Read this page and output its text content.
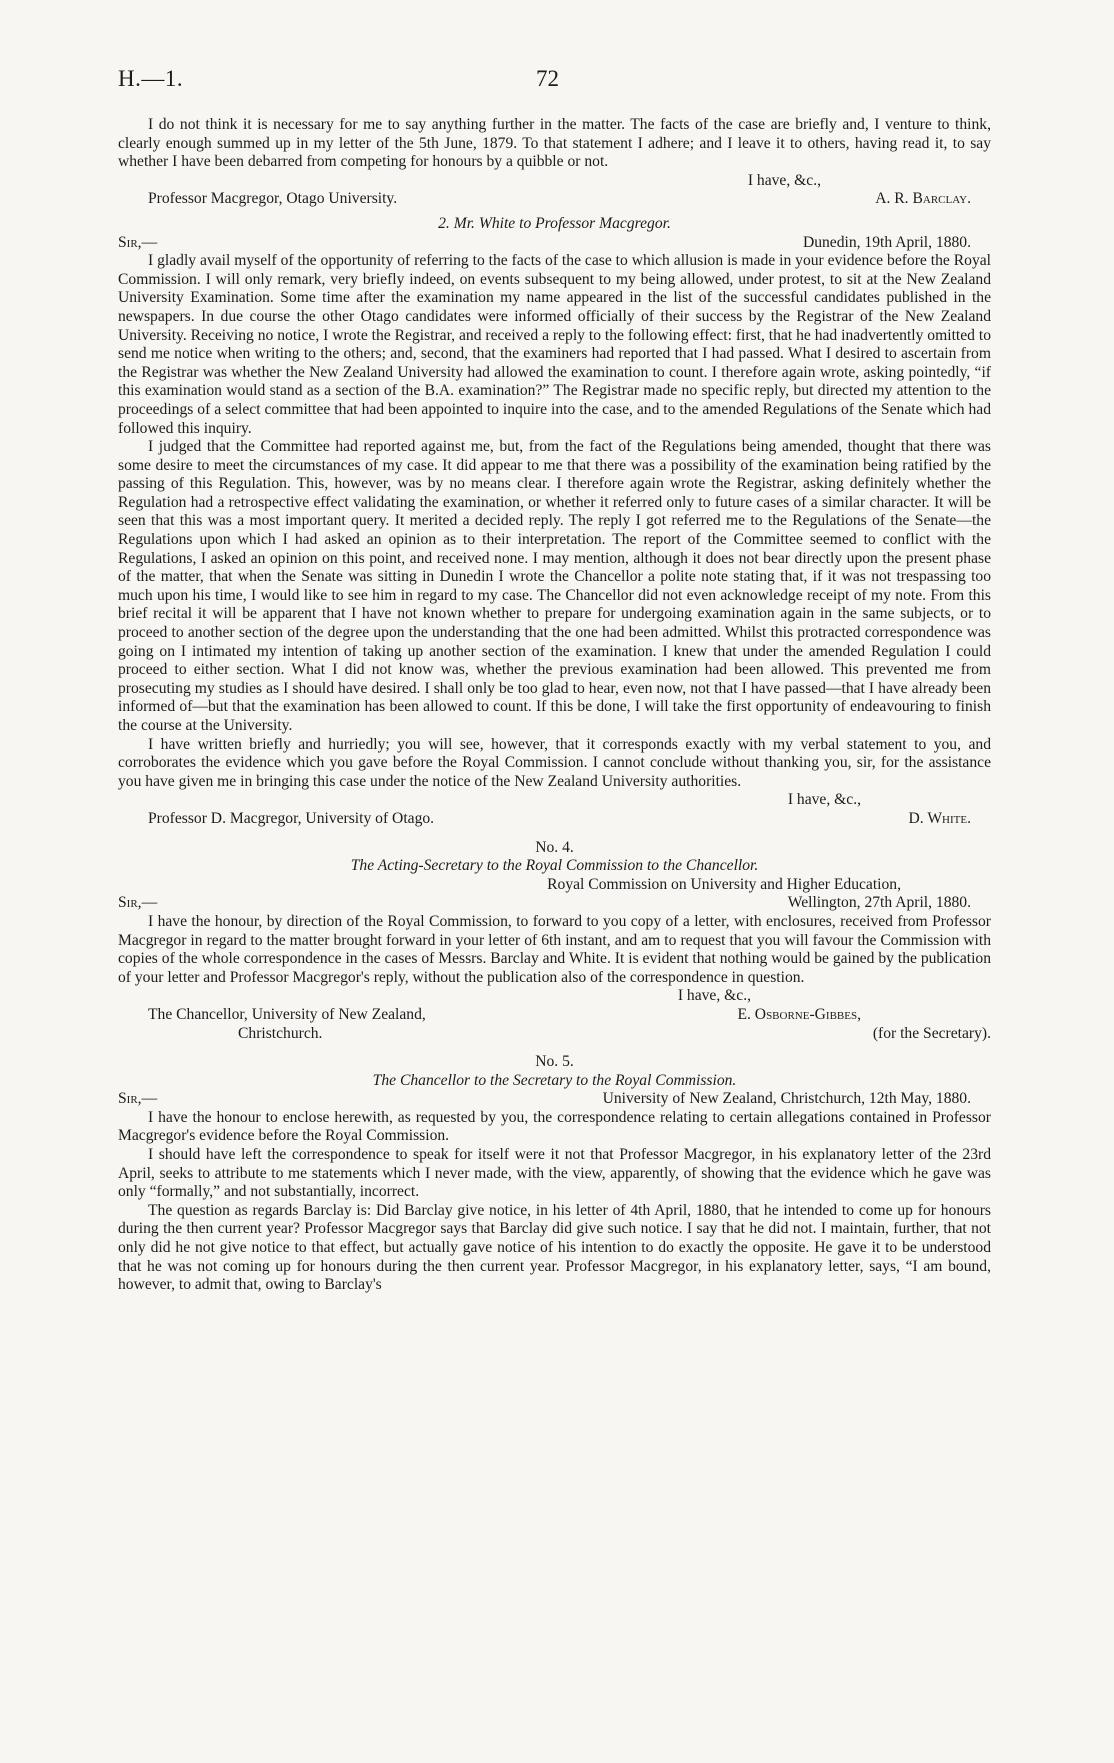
H.—1.	72

I do not think it is necessary for me to say anything further in the matter. The facts of the case are briefly and, I venture to think, clearly enough summed up in my letter of the 5th June, 1879. To that statement I adhere; and I leave it to others, having read it, to say whether I have been debarred from competing for honours by a quibble or not.

I have, &c.,
Professor Macgregor, Otago University.	A. R. Barclay.

2. Mr. White to Professor Macgregor.

Sir,—	Dunedin, 19th April, 1880.

I gladly avail myself of the opportunity of referring to the facts of the case to which allusion is made in your evidence before the Royal Commission. I will only remark, very briefly indeed, on events subsequent to my being allowed, under protest, to sit at the New Zealand University Examination. Some time after the examination my name appeared in the list of the successful candidates published in the newspapers. In due course the other Otago candidates were informed officially of their success by the Registrar of the New Zealand University. Receiving no notice, I wrote the Registrar, and received a reply to the following effect: first, that he had inadvertently omitted to send me notice when writing to the others; and, second, that the examiners had reported that I had passed. What I desired to ascertain from the Registrar was whether the New Zealand University had allowed the examination to count. I therefore again wrote, asking pointedly, “if this examination would stand as a section of the B.A. examination?” The Registrar made no specific reply, but directed my attention to the proceedings of a select committee that had been appointed to inquire into the case, and to the amended Regulations of the Senate which had followed this inquiry.

I judged that the Committee had reported against me, but, from the fact of the Regulations being amended, thought that there was some desire to meet the circumstances of my case. It did appear to me that there was a possibility of the examination being ratified by the passing of this Regulation. This, however, was by no means clear. I therefore again wrote the Registrar, asking definitely whether the Regulation had a retrospective effect validating the examination, or whether it referred only to future cases of a similar character. It will be seen that this was a most important query. It merited a decided reply. The reply I got referred me to the Regulations of the Senate—the Regulations upon which I had asked an opinion as to their interpretation. The report of the Committee seemed to conflict with the Regulations, I asked an opinion on this point, and received none. I may mention, although it does not bear directly upon the present phase of the matter, that when the Senate was sitting in Dunedin I wrote the Chancellor a polite note stating that, if it was not trespassing too much upon his time, I would like to see him in regard to my case. The Chancellor did not even acknowledge receipt of my note. From this brief recital it will be apparent that I have not known whether to prepare for undergoing examination again in the same subjects, or to proceed to another section of the degree upon the understanding that the one had been admitted. Whilst this protracted correspondence was going on I intimated my intention of taking up another section of the examination. I knew that under the amended Regulation I could proceed to either section. What I did not know was, whether the previous examination had been allowed. This prevented me from prosecuting my studies as I should have desired. I shall only be too glad to hear, even now, not that I have passed—that I have already been informed of—but that the examination has been allowed to count. If this be done, I will take the first opportunity of endeavouring to finish the course at the University.

I have written briefly and hurriedly; you will see, however, that it corresponds exactly with my verbal statement to you, and corroborates the evidence which you gave before the Royal Commission. I cannot conclude without thanking you, sir, for the assistance you have given me in bringing this case under the notice of the New Zealand University authorities.

I have, &c.,
Professor D. Macgregor, University of Otago.	D. White.

No. 4.

The Acting-Secretary to the Royal Commission to the Chancellor.

Royal Commission on University and Higher Education,
Sir,—	Wellington, 27th April, 1880.

I have the honour, by direction of the Royal Commission, to forward to you copy of a letter, with enclosures, received from Professor Macgregor in regard to the matter brought forward in your letter of 6th instant, and am to request that you will favour the Commission with copies of the whole correspondence in the cases of Messrs. Barclay and White. It is evident that nothing would be gained by the publication of your letter and Professor Macgregor's reply, without the publication also of the correspondence in question.

I have, &c.,
The Chancellor, University of New Zealand,	E. Osborne-Gibbes,
Christchurch.	(for the Secretary).

No. 5.

The Chancellor to the Secretary to the Royal Commission.

Sir,—	University of New Zealand, Christchurch, 12th May, 1880.

I have the honour to enclose herewith, as requested by you, the correspondence relating to certain allegations contained in Professor Macgregor's evidence before the Royal Commission.

I should have left the correspondence to speak for itself were it not that Professor Macgregor, in his explanatory letter of the 23rd April, seeks to attribute to me statements which I never made, with the view, apparently, of showing that the evidence which he gave was only “formally,” and not substantially, incorrect.

The question as regards Barclay is: Did Barclay give notice, in his letter of 4th April, 1880, that he intended to come up for honours during the then current year? Professor Macgregor says that Barclay did give such notice. I say that he did not. I maintain, further, that not only did he not give notice to that effect, but actually gave notice of his intention to do exactly the opposite. He gave it to be understood that he was not coming up for honours during the then current year. Professor Macgregor, in his explanatory letter, says, “I am bound, however, to admit that, owing to Barclay's
